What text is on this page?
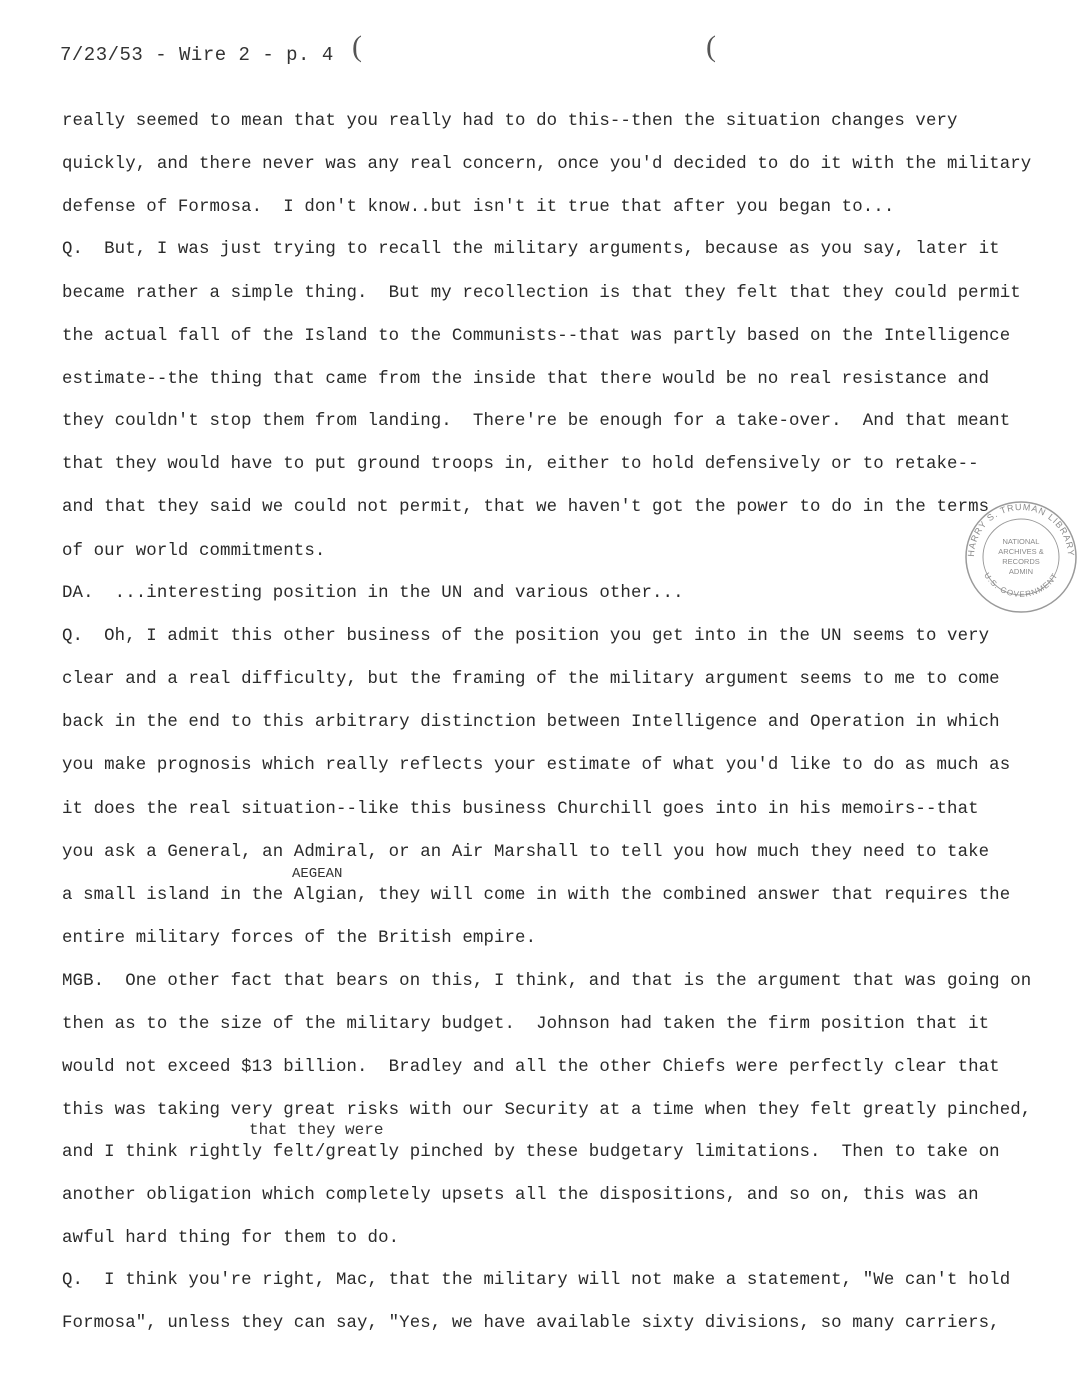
7/23/53 - Wire 2 - p. 4 (	(
really seemed to mean that you really had to do this--then the situation changes very
quickly, and there never was any real concern, once you'd decided to do it with the military
defense of Formosa.  I don't know..but isn't it true that after you began to...
Q.  But, I was just trying to recall the military arguments, because as you say, later it
became rather a simple thing.  But my recollection is that they felt that they could permit
the actual fall of the Island to the Communists--that was partly based on the Intelligence
estimate--the thing that came from the inside that there would be no real resistance and
they couldn't stop them from landing.  There're be enough for a take-over.  And that meant
that they would have to put ground troops in, either to hold defensively or to retake--
and that they said we could not permit, that we haven't got the power to do in the terms
of our world commitments.
DA.  ...interesting position in the UN and various other...
Q.  Oh, I admit this other business of the position you get into in the UN seems to very
clear and a real difficulty, but the framing of the military argument seems to me to come
back in the end to this arbitrary distinction between Intelligence and Operation in which
you make prognosis which really reflects your estimate of what you'd like to do as much as
it does the real situation--like this business Churchill goes into in his memoirs--that
you ask a General, an Admiral, or an Air Marshall to tell you how much they need to take
a small island in the Algian, they will come in with the combined answer that requires the
entire military forces of the British empire.
MGB.  One other fact that bears on this, I think, and that is the argument that was going on
then as to the size of the military budget.  Johnson had taken the firm position that it
would not exceed $13 billion.  Bradley and all the other Chiefs were perfectly clear that
this was taking very great risks with our Security at a time when they felt greatly pinched,
and I think rightly felt/greatly pinched by these budgetary limitations.  Then to take on
another obligation which completely upsets all the dispositions, and so on, this was an
awful hard thing for them to do.
Q.  I think you're right, Mac, that the military will not make a statement, "We can't hold
Formosa", unless they can say, "Yes, we have available sixty divisions, so many carriers,
AEGEAN
that they were
HARRY S. TRUMAN LIBRARY
U.S. GOVERNMENT
NATIONAL
ARCHIVES &
RECORDS
ADMIN
